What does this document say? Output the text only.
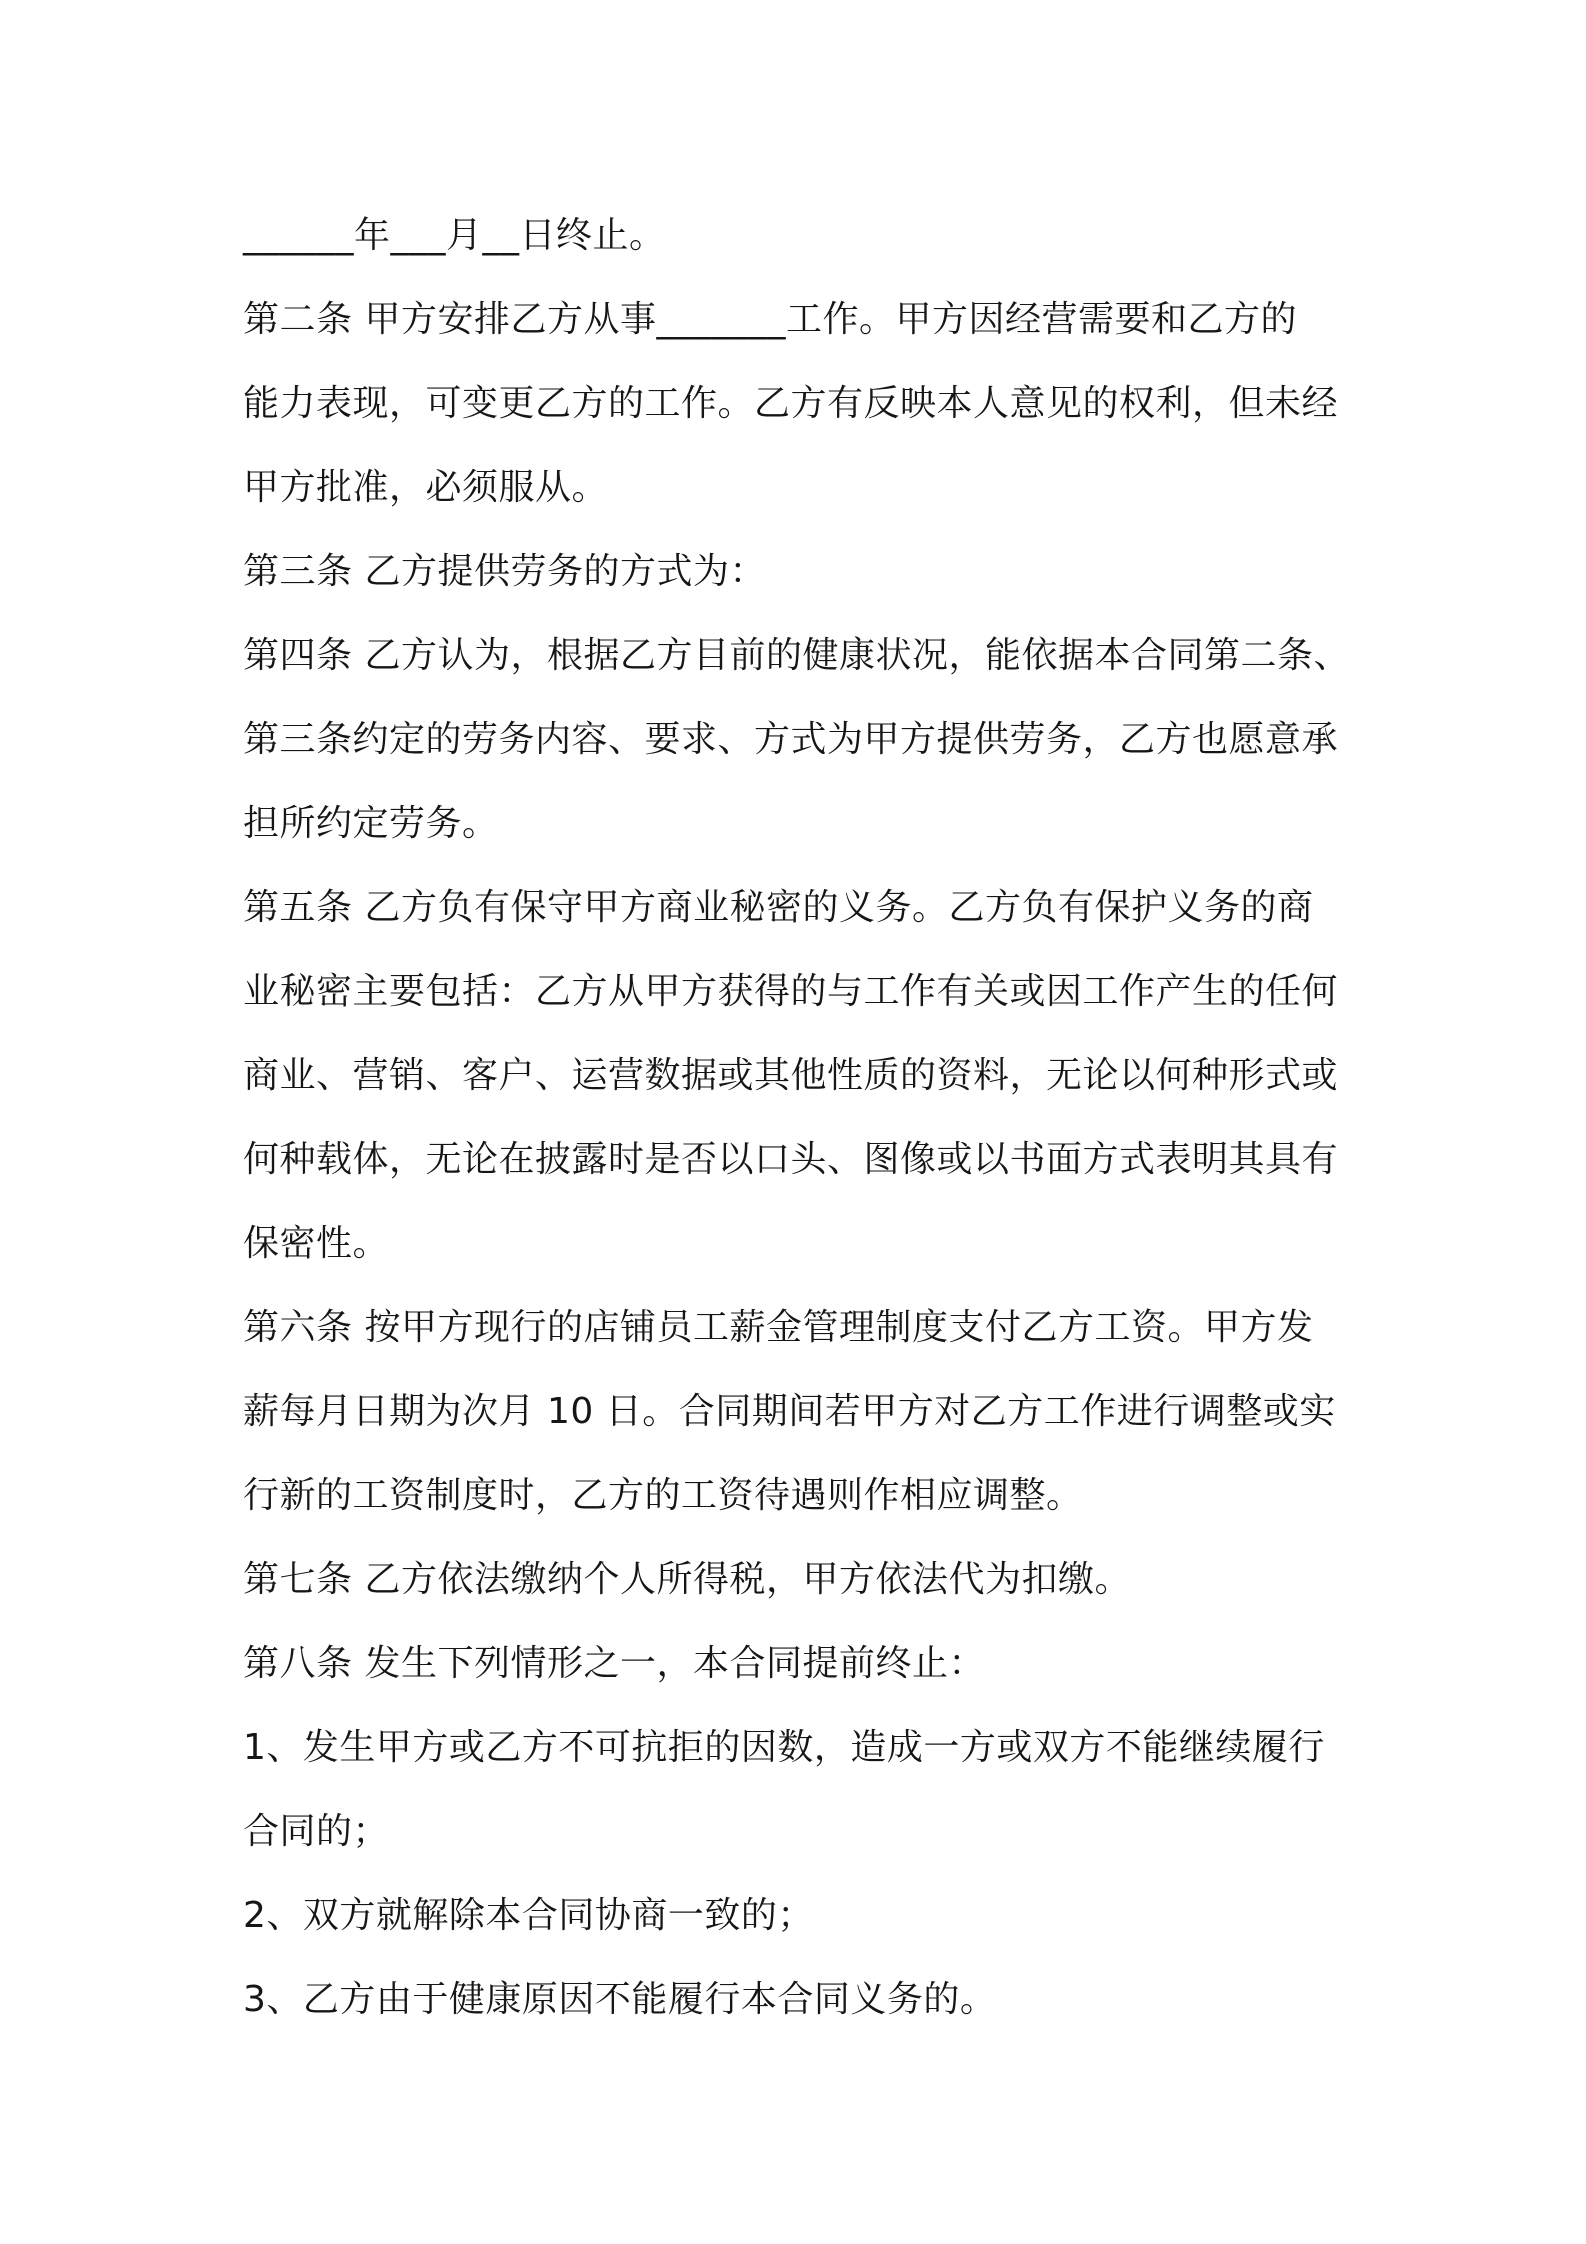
______年___月__日终止。
第二条 甲方安排乙方从事_______工作。甲方因经营需要和乙方的
能力表现，可变更乙方的工作。乙方有反映本人意见的权利，但未经
甲方批准，必须服从。
第三条 乙方提供劳务的方式为：
第四条 乙方认为，根据乙方目前的健康状况，能依据本合同第二条、
第三条约定的劳务内容、要求、方式为甲方提供劳务，乙方也愿意承
担所约定劳务。
第五条 乙方负有保守甲方商业秘密的义务。乙方负有保护义务的商
业秘密主要包括：乙方从甲方获得的与工作有关或因工作产生的任何
商业、营销、客户、运营数据或其他性质的资料，无论以何种形式或
何种载体，无论在披露时是否以口头、图像或以书面方式表明其具有
保密性。
第六条 按甲方现行的店铺员工薪金管理制度支付乙方工资。甲方发
薪每月日期为次月 10 日。合同期间若甲方对乙方工作进行调整或实
行新的工资制度时，乙方的工资待遇则作相应调整。
第七条 乙方依法缴纳个人所得税，甲方依法代为扣缴。
第八条 发生下列情形之一，本合同提前终止：
1、发生甲方或乙方不可抗拒的因数，造成一方或双方不能继续履行
合同的；
2、双方就解除本合同协商一致的；
3、乙方由于健康原因不能履行本合同义务的。
